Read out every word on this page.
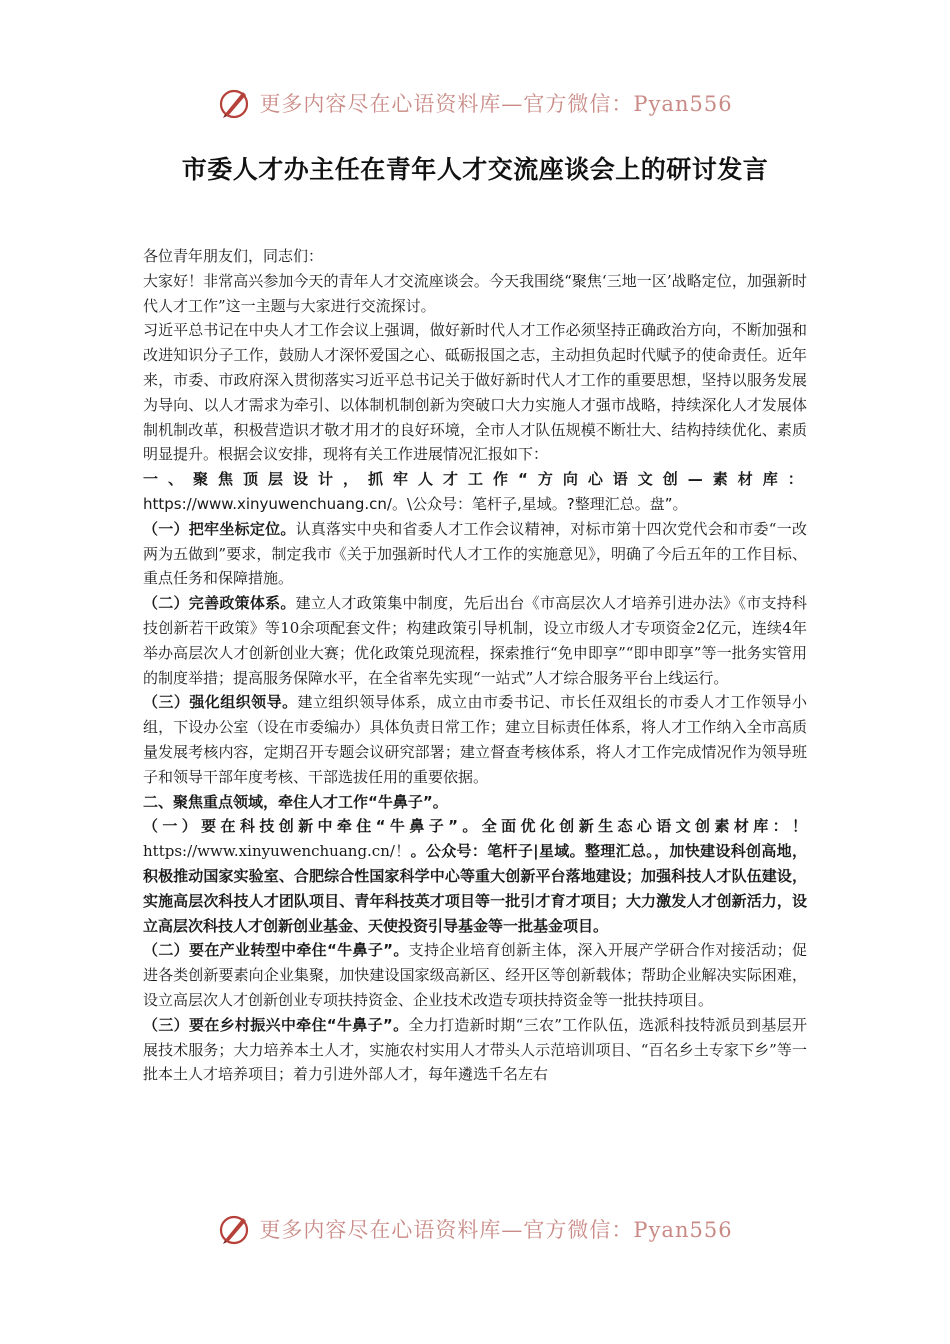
更多内容尽在心语资料库—官方微信：Pyan556
市委人才办主任在青年人才交流座谈会上的研讨发言

各位青年朋友们，同志们：

大家好！非常高兴参加今天的青年人才交流座谈会。今天我围绕“聚焦‘三地一区’战略定位，加强新时代人才工作”这一主题与大家进行交流探讨。

习近平总书记在中央人才工作会议上强调，做好新时代人才工作必须坚持正确政治方向，不断加强和改进知识分子工作，鼓励人才深怀爱国之心、砥砺报国之志，主动担负起时代赋予的使命责任。近年来，市委、市政府深入贯彻落实习近平总书记关于做好新时代人才工作的重要思想，坚持以服务发展为导向、以人才需求为牵引、以体制机制创新为突破口大力实施人才强市战略，持续深化人才发展体制机制改革，积极营造识才敬才用才的良好环境，全市人才队伍规模不断壮大、结构持续优化、素质明显提升。根据会议安排，现将有关工作进展情况汇报如下：

一、聚焦顶层设计，抓牢人才工作“方向心语文创—素材库： https://www.xinyuwenchuang.cn/。\公众号：笔杆子,星域。?整理汇总。盘”。

（一）把牢坐标定位。认真落实中央和省委人才工作会议精神，对标市第十四次党代会和市委“一改两为五做到”要求，制定我市《关于加强新时代人才工作的实施意见》，明确了今后五年的工作目标、重点任务和保障措施。

（二）完善政策体系。建立人才政策集中制度，先后出台《市高层次人才培养引进办法》《市支持科技创新若干政策》等10余项配套文件；构建政策引导机制，设立市级人才专项资金2亿元，连续4年举办高层次人才创新创业大赛；优化政策兑现流程，探索推行“免申即享”“即申即享”等一批务实管用的制度举措；提高服务保障水平，在全省率先实现“一站式”人才综合服务平台上线运行。

（三）强化组织领导。建立组织领导体系，成立由市委书记、市长任双组长的市委人才工作领导小组，下设办公室（设在市委编办）具体负责日常工作；建立目标责任体系，将人才工作纳入全市高质量发展考核内容，定期召开专题会议研究部署；建立督查考核体系，将人才工作完成情况作为领导班子和领导干部年度考核、干部选拔任用的重要依据。

二、聚焦重点领域，牵住人才工作“牛鼻子”。

（一）要在科技创新中牵住“牛鼻子”。全面优化创新生态心语文创素材库：！ https://www.xinyuwenchuang.cn/！。公众号：笔杆子|星域。整理汇总。，加快建设科创高地，积极推动国家实验室、合肥综合性国家科学中心等重大创新平台落地建设；加强科技人才队伍建设，实施高层次科技人才团队项目、青年科技英才项目等一批引才育才项目；大力激发人才创新活力，设立高层次科技人才创新创业基金、天使投资引导基金等一批基金项目。

（二）要在产业转型中牵住“牛鼻子”。支持企业培育创新主体，深入开展产学研合作对接活动；促进各类创新要素向企业集聚，加快建设国家级高新区、经开区等创新载体；帮助企业解决实际困难，设立高层次人才创新创业专项扶持资金、企业技术改造专项扶持资金等一批扶持项目。

（三）要在乡村振兴中牵住“牛鼻子”。全力打造新时期“三农”工作队伍，选派科技特派员到基层开展技术服务；大力培养本土人才，实施农村实用人才带头人示范培训项目、“百名乡土专家下乡”等一批本土人才培养项目；着力引进外部人才，每年遴选千名左右

更多内容尽在心语资料库—官方微信：Pyan556
